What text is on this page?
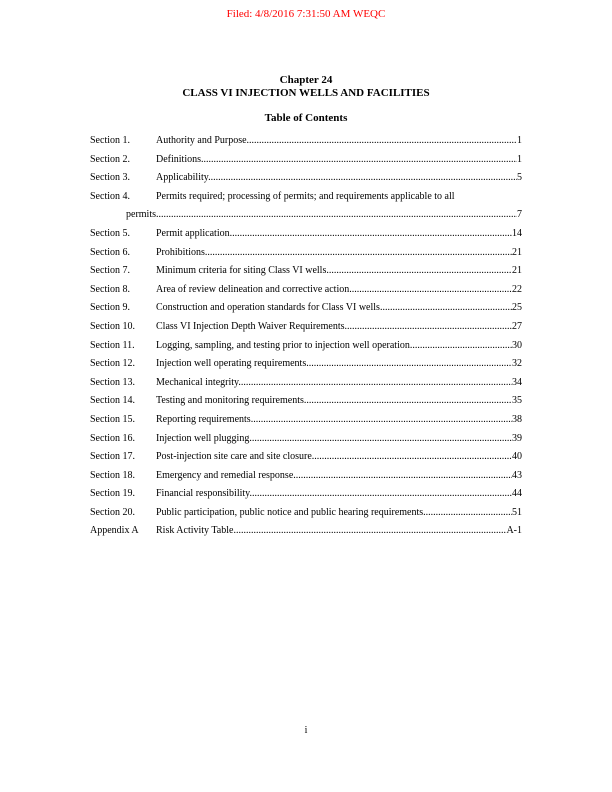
Filed: 4/8/2016 7:31:50 AM WEQC
Chapter 24
CLASS VI INJECTION WELLS AND FACILITIES
Table of Contents
Section 1.	Authority and Purpose. .....	1
Section 2.	Definitions. .....	1
Section 3.	Applicability. .....	5
Section 4.	Permits required; processing of permits; and requirements applicable to all
permits. .....	7
Section 5.	Permit application. .....	14
Section 6.	Prohibitions. .....	21
Section 7.	Minimum criteria for siting Class VI wells. .....	21
Section 8.	Area of review delineation and corrective action. .....	22
Section 9.	Construction and operation standards for Class VI wells. .....	25
Section 10.	Class VI Injection Depth Waiver Requirements .....	27
Section 11.	Logging, sampling, and testing prior to injection well operation. .....	30
Section 12.	Injection well operating requirements. .....	32
Section 13.	Mechanical integrity. .....	34
Section 14.	Testing and monitoring requirements. .....	35
Section 15.	Reporting requirements. .....	38
Section 16.	Injection well plugging. .....	39
Section 17.	Post-injection site care and site closure. .....	40
Section 18.	Emergency and remedial response. .....	43
Section 19.	Financial responsibility. .....	44
Section 20.	Public participation, public notice and public hearing requirements. .....	51
Appendix A	Risk Activity Table. .....	A-1
i
